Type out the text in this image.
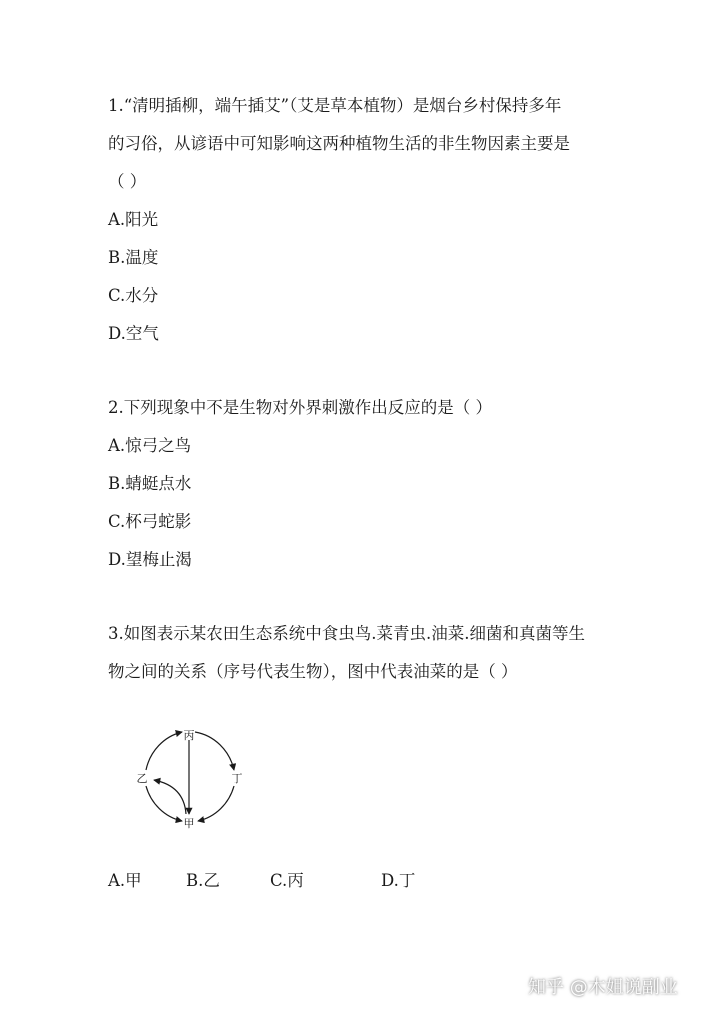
1.“清明插柳，端午插艾”（艾是草本植物）是烟台乡村保持多年
的习俗，从谚语中可知影响这两种植物生活的非生物因素主要是
（ ）
A.阳光
B.温度
C.水分
D.空气
2.下列现象中不是生物对外界刺激作出反应的是（ ）
A.惊弓之鸟
B.蜻蜓点水
C.杯弓蛇影
D.望梅止渴
3.如图表示某农田生态系统中食虫鸟.菜青虫.油菜.细菌和真菌等生
物之间的关系（序号代表生物），图中代表油菜的是（ ）
丙
乙	丁
甲
A.甲	B.乙	C.丙	D.丁
知乎 @木姐说副业
